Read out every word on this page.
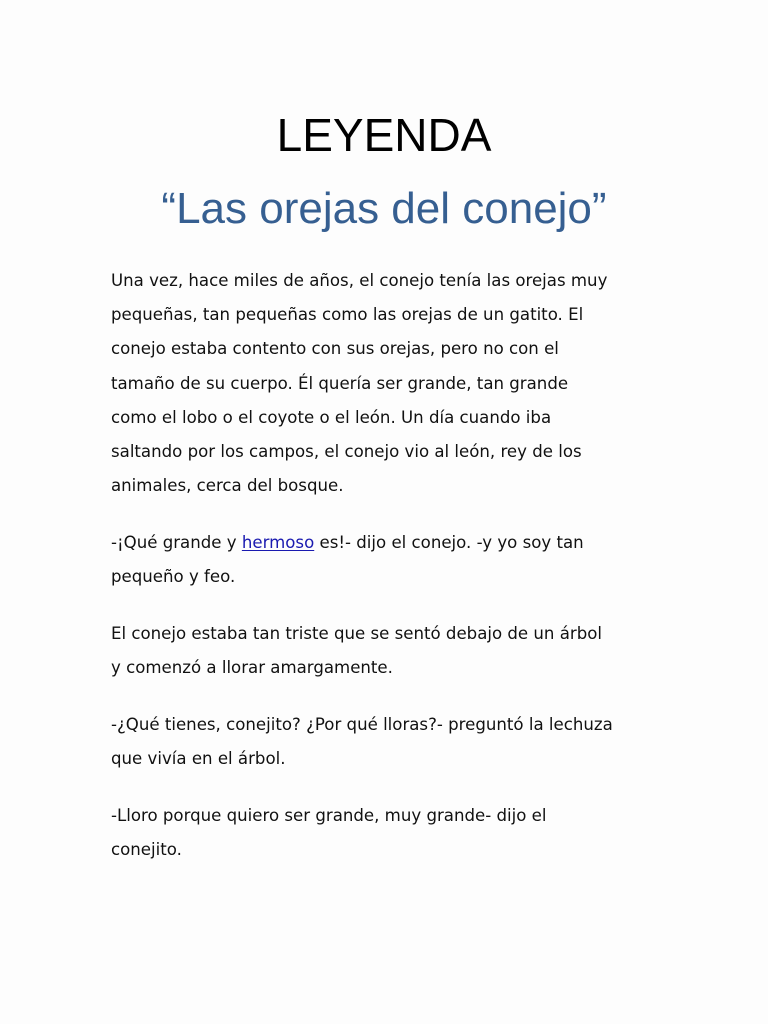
LEYENDA
“Las orejas del conejo”

Una vez, hace miles de años, el conejo tenía las orejas muy
pequeñas, tan pequeñas como las orejas de un gatito. El
conejo estaba contento con sus orejas, pero no con el
tamaño de su cuerpo. Él quería ser grande, tan grande
como el lobo o el coyote o el león. Un día cuando iba
saltando por los campos, el conejo vio al león, rey de los
animales, cerca del bosque.

-¡Qué grande y hermoso es!- dijo el conejo. -y yo soy tan
pequeño y feo.

El conejo estaba tan triste que se sentó debajo de un árbol
y comenzó a llorar amargamente.

-¿Qué tienes, conejito? ¿Por qué lloras?- preguntó la lechuza
que vivía en el árbol.

-Lloro porque quiero ser grande, muy grande- dijo el
conejito.
